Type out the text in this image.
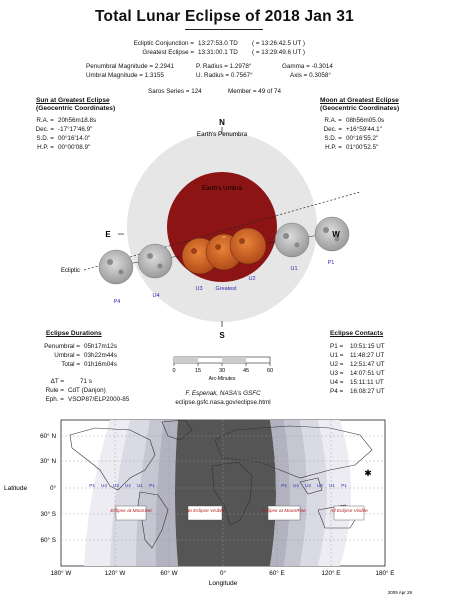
Total Lunar Eclipse of 2018 Jan 31
Ecliptic Conjunction = 13:27:53.0 TD ( = 13:26:42.5 UT )
Greatest Eclipse = 13:31:00.1 TD ( = 13:29:49.6 UT )
Penumbral Magnitude = 2.2941
Umbral Magnitude = 1.3155
P. Radius = 1.2978°
U. Radius = 0.7567°
Gamma = -0.3014
Axis = 0.3058°
Saros Series = 124	Member = 49 of 74
Sun at Greatest Eclipse
(Geocentric Coordinates)
R.A. = 20h56m18.8s
Dec. = -17°17'46.9"
S.D. = 00°16'14.0"
H.P. = 00°00'08.9"
Moon at Greatest Eclipse
(Geocentric Coordinates)
R.A. = 08h56m05.0s
Dec. = +16°59'44.1"
S.D. = 00°16'55.2"
H.P. = 01°00'52.5"
N
S
E	W
Earth's Penumbra
Earth's Umbra
Ecliptic
P1
U1
U2
U3
U4
P4
Greatest
Eclipse Durations
Penumbral = 05h17m12s
Umbral = 03h22m44s
Total = 01h16m04s
ΔT =	71 s
Rule = CdT (Danjon)
Eph. = VSOP87/ELP2000-85
0	15	30	45	60
Arc-Minutes
F. Espenak, NASA's GSFC
eclipse.gsfc.nasa.gov/eclipse.html
Eclipse Contacts
P1 = 10:51:15 UT
U1 = 11:48:27 UT
U2 = 12:51:47 UT
U3 = 14:07:51 UT
U4 = 15:11:11 UT
P4 = 16:08:27 UT
P4 U4 U3 U2 U1 P1	P4 U4 U3 U2 U1 P1
Eclipse at MoonSet	No Eclipse Visible	Eclipse at MoonRise	All Eclipse Visible
✱
60° N
30° N
0°
30° S
60° S
Latitude
180° W	120° W	60° W	0°	60° E	120° E	180° E
Longitude
2009 Apr 29
